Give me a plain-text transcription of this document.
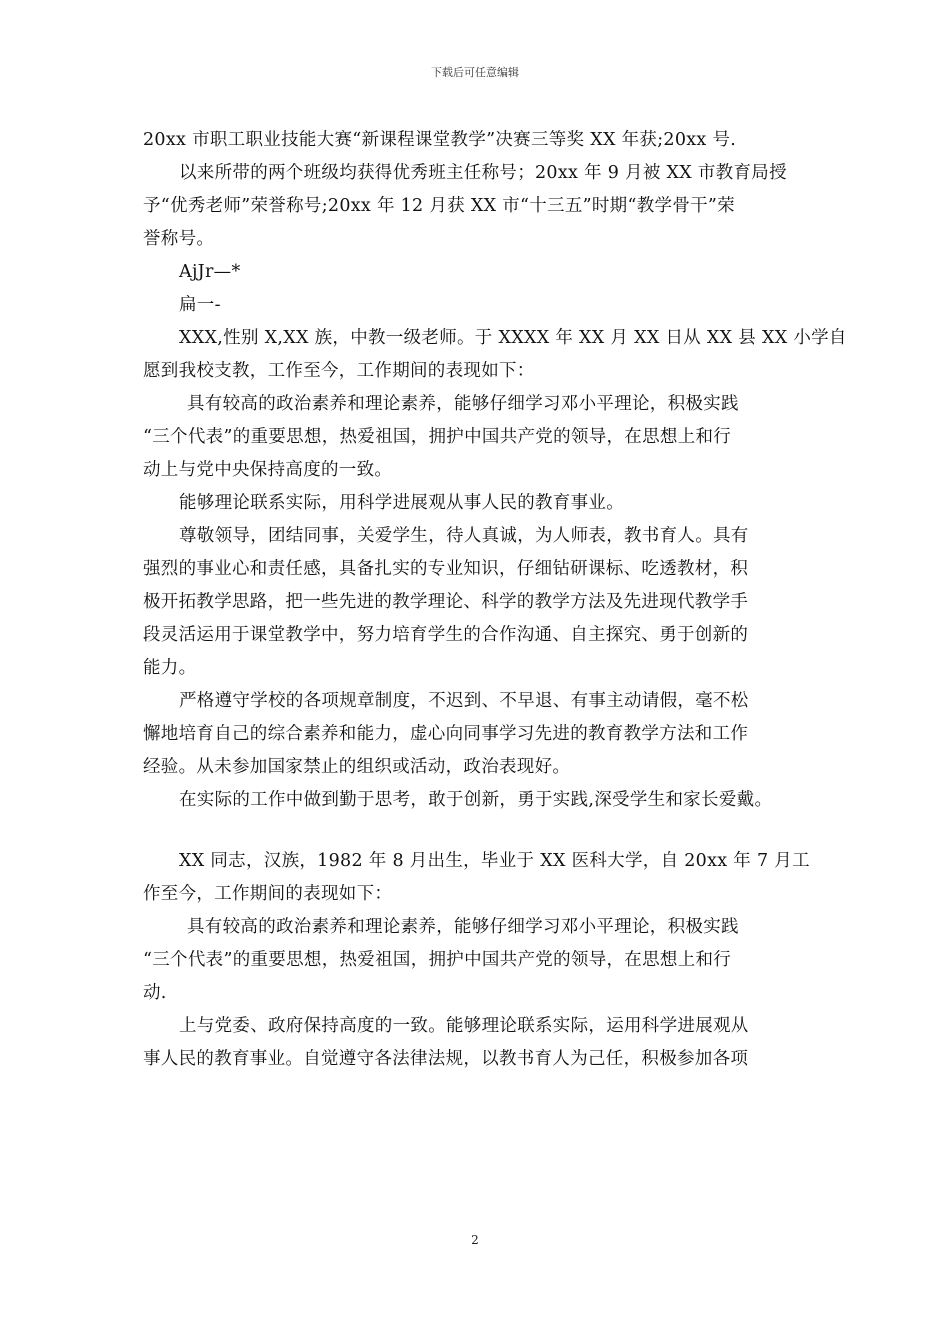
下载后可任意编辑
20xx 市职工职业技能大赛“新课程课堂教学”决赛三等奖 XX 年获;20xx 号.
以来所带的两个班级均获得优秀班主任称号；20xx 年 9 月被 XX 市教育局授
予“优秀老师”荣誉称号;20xx 年 12 月获 XX 市“十三五”时期“教学骨干”荣
誉称号。
AjJr—*
扁一-
XXX,性别 X,XX 族，中教一级老师。于 XXXX 年 XX 月 XX 日从 XX 县 XX 小学自
愿到我校支教，工作至今，工作期间的表现如下：
具有较高的政治素养和理论素养，能够仔细学习邓小平理论，积极实践
“三个代表”的重要思想，热爱祖国，拥护中国共产党的领导，在思想上和行
动上与党中央保持高度的一致。
能够理论联系实际，用科学进展观从事人民的教育事业。
尊敬领导，团结同事，关爱学生，待人真诚，为人师表，教书育人。具有
强烈的事业心和责任感，具备扎实的专业知识，仔细钻研课标、吃透教材，积
极开拓教学思路，把一些先进的教学理论、科学的教学方法及先进现代教学手
段灵活运用于课堂教学中，努力培育学生的合作沟通、自主探究、勇于创新的
能力。
严格遵守学校的各项规章制度，不迟到、不早退、有事主动请假，毫不松
懈地培育自己的综合素养和能力，虚心向同事学习先进的教育教学方法和工作
经验。从未参加国家禁止的组织或活动，政治表现好。
在实际的工作中做到勤于思考，敢于创新，勇于实践,深受学生和家长爱戴。
XX 同志，汉族，1982 年 8 月出生，毕业于 XX 医科大学，自 20xx 年 7 月工
作至今，工作期间的表现如下：
具有较高的政治素养和理论素养，能够仔细学习邓小平理论，积极实践
“三个代表”的重要思想，热爱祖国，拥护中国共产党的领导，在思想上和行
动.
上与党委、政府保持高度的一致。能够理论联系实际，运用科学进展观从
事人民的教育事业。自觉遵守各法律法规，以教书育人为己任，积极参加各项
2
